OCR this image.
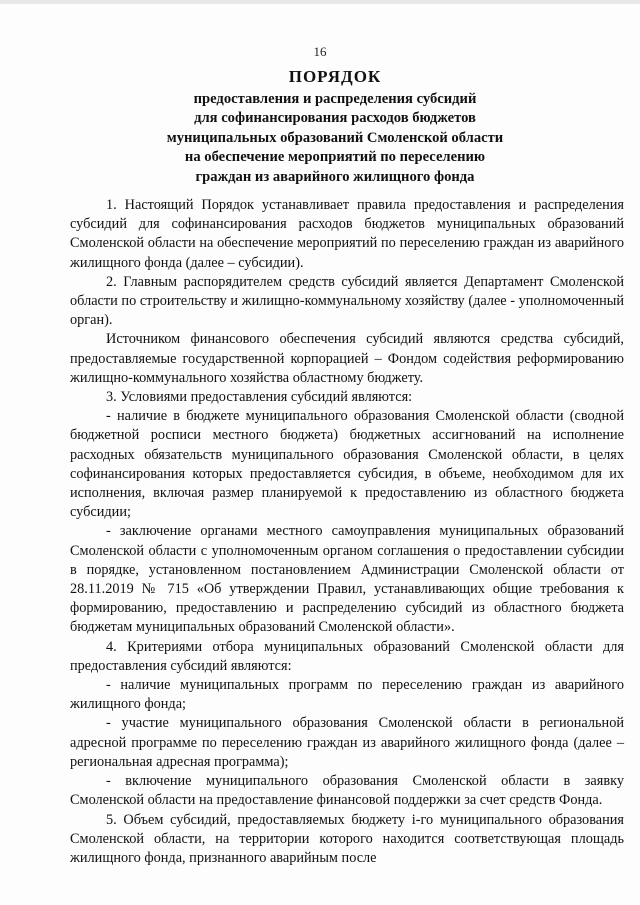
16
ПОРЯДОК
предоставления и распределения субсидий
для софинансирования расходов бюджетов
муниципальных образований Смоленской области
на обеспечение мероприятий по переселению
граждан из аварийного жилищного фонда

1. Настоящий Порядок устанавливает правила предоставления и распределения субсидий для софинансирования расходов бюджетов муниципальных образований Смоленской области на обеспечение мероприятий по переселению граждан из аварийного жилищного фонда (далее – субсидии).

2. Главным распорядителем средств субсидий является Департамент Смоленской области по строительству и жилищно-коммунальному хозяйству (далее - уполномоченный орган).

Источником финансового обеспечения субсидий являются средства субсидий, предоставляемые государственной корпорацией – Фондом содействия реформированию жилищно-коммунального хозяйства областному бюджету.

3. Условиями предоставления субсидий являются:

- наличие в бюджете муниципального образования Смоленской области (сводной бюджетной росписи местного бюджета) бюджетных ассигнований на исполнение расходных обязательств муниципального образования Смоленской области, в целях софинансирования которых предоставляется субсидия, в объеме, необходимом для их исполнения, включая размер планируемой к предоставлению из областного бюджета субсидии;

- заключение органами местного самоуправления муниципальных образований Смоленской области с уполномоченным органом соглашения о предоставлении субсидии в порядке, установленном постановлением Администрации Смоленской области от 28.11.2019 № 715 «Об утверждении Правил, устанавливающих общие требования к формированию, предоставлению и распределению субсидий из областного бюджета бюджетам муниципальных образований Смоленской области».

4. Критериями отбора муниципальных образований Смоленской области для предоставления субсидий являются:

- наличие муниципальных программ по переселению граждан из аварийного жилищного фонда;

- участие муниципального образования Смоленской области в региональной адресной программе по переселению граждан из аварийного жилищного фонда (далее – региональная адресная программа);

- включение муниципального образования Смоленской области в заявку Смоленской области на предоставление финансовой поддержки за счет средств Фонда.

5. Объем субсидий, предоставляемых бюджету i-го муниципального образования Смоленской области, на территории которого находится соответствующая площадь жилищного фонда, признанного аварийным после
